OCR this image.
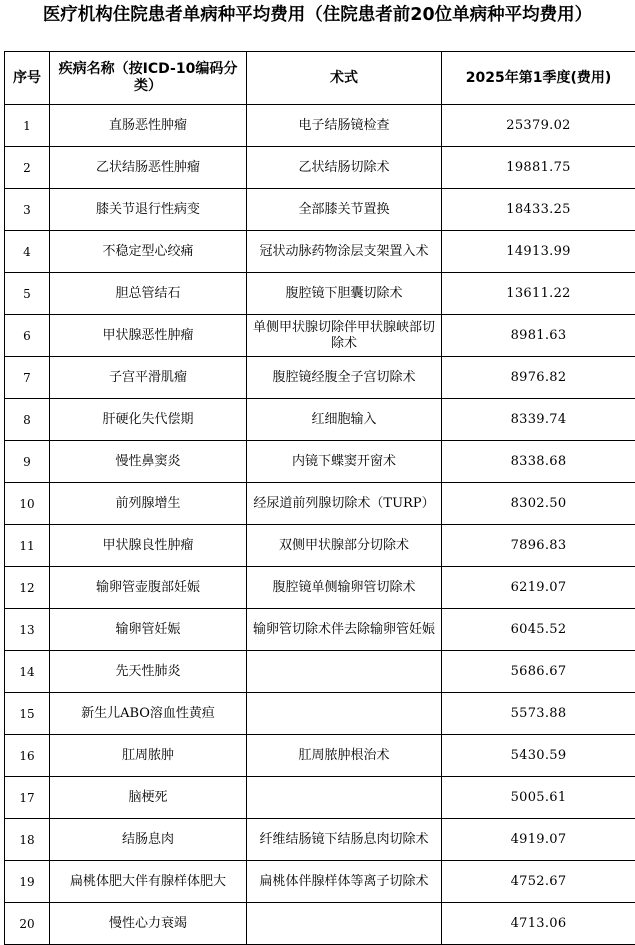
医疗机构住院患者单病种平均费用（住院患者前20位单病种平均费用）
序号	疾病名称（按ICD-10编码分类）	术式	2025年第1季度(费用)
1	直肠恶性肿瘤	电子结肠镜检查	25379.02
2	乙状结肠恶性肿瘤	乙状结肠切除术	19881.75
3	膝关节退行性病变	全部膝关节置换	18433.25
4	不稳定型心绞痛	冠状动脉药物涂层支架置入术	14913.99
5	胆总管结石	腹腔镜下胆囊切除术	13611.22
6	甲状腺恶性肿瘤	单侧甲状腺切除伴甲状腺峡部切除术	8981.63
7	子宫平滑肌瘤	腹腔镜经腹全子宫切除术	8976.82
8	肝硬化失代偿期	红细胞输入	8339.74
9	慢性鼻窦炎	内镜下蝶窦开窗术	8338.68
10	前列腺增生	经尿道前列腺切除术（TURP）	8302.50
11	甲状腺良性肿瘤	双侧甲状腺部分切除术	7896.83
12	输卵管壶腹部妊娠	腹腔镜单侧输卵管切除术	6219.07
13	输卵管妊娠	输卵管切除术伴去除输卵管妊娠	6045.52
14	先天性肺炎		5686.67
15	新生儿ABO溶血性黄疸		5573.88
16	肛周脓肿	肛周脓肿根治术	5430.59
17	脑梗死		5005.61
18	结肠息肉	纤维结肠镜下结肠息肉切除术	4919.07
19	扁桃体肥大伴有腺样体肥大	扁桃体伴腺样体等离子切除术	4752.67
20	慢性心力衰竭		4713.06
